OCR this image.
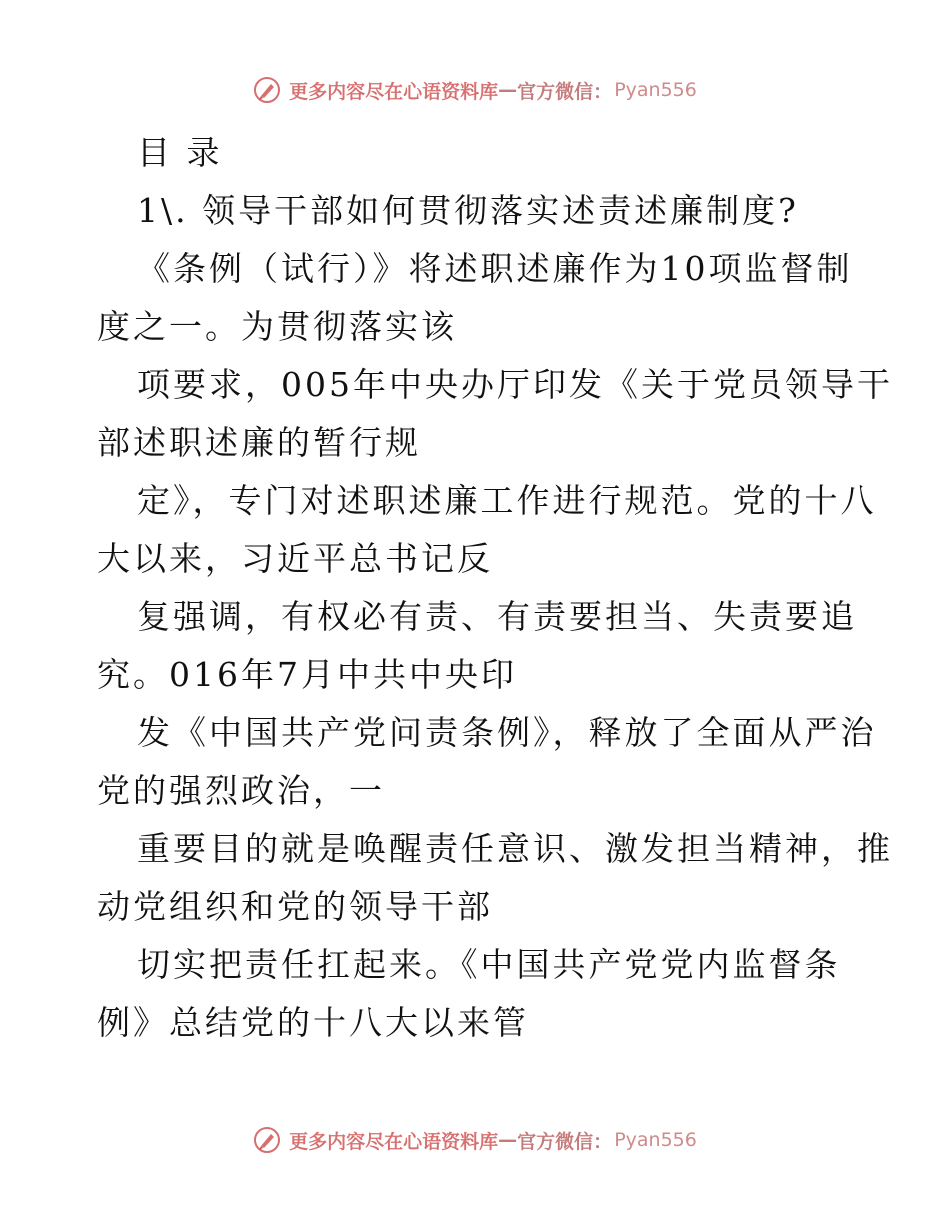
更多内容尽在心语资料库 — 官方微信： Pyan556
目 录
1\. 领导干部如何贯彻落实述责述廉制度?
《条例（试行）》将述职述廉作为10项监督制
度之一。为贯彻落实该
项要求，005年中央办厅印发《关于党员领导干
部述职述廉的暂行规
定》，专门对述职述廉工作进行规范。党的十八
大以来，习近平总书记反
复强调，有权必有责、有责要担当、失责要追
究。016年7月中共中央印
发《中国共产党问责条例》，释放了全面从严治
党的强烈政治，一
重要目的就是唤醒责任意识、激发担当精神，推
动党组织和党的领导干部
切实把责任扛起来。《中国共产党党内监督条
例》总结党的十八大以来管
更多内容尽在心语资料库 — 官方微信： Pyan556
